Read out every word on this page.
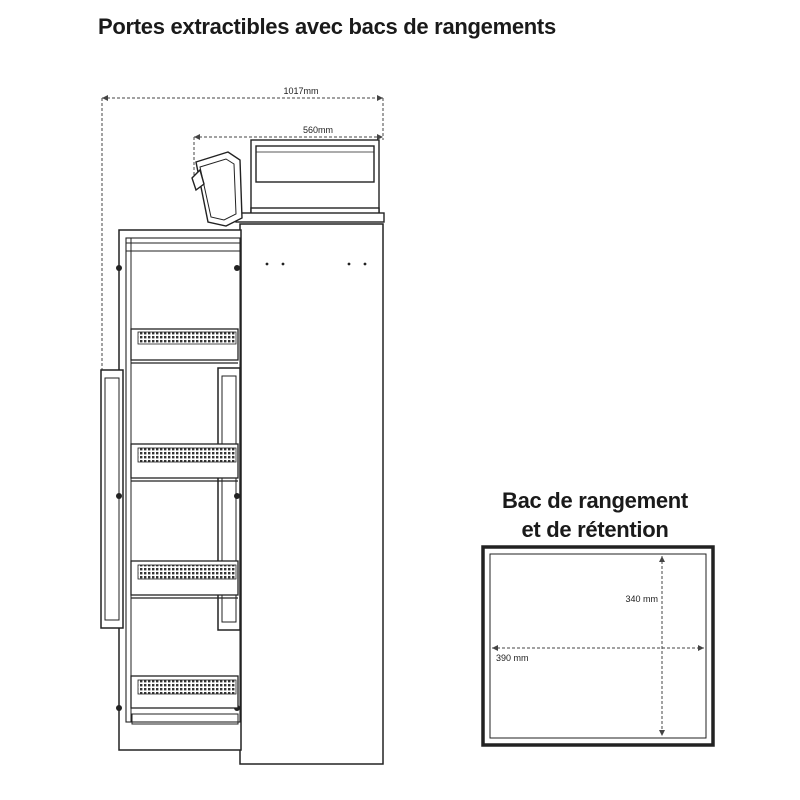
Portes extractibles avec bacs de rangements
Bac de rangement
et de rétention
1017mm
560mm
340 mm
390 mm
